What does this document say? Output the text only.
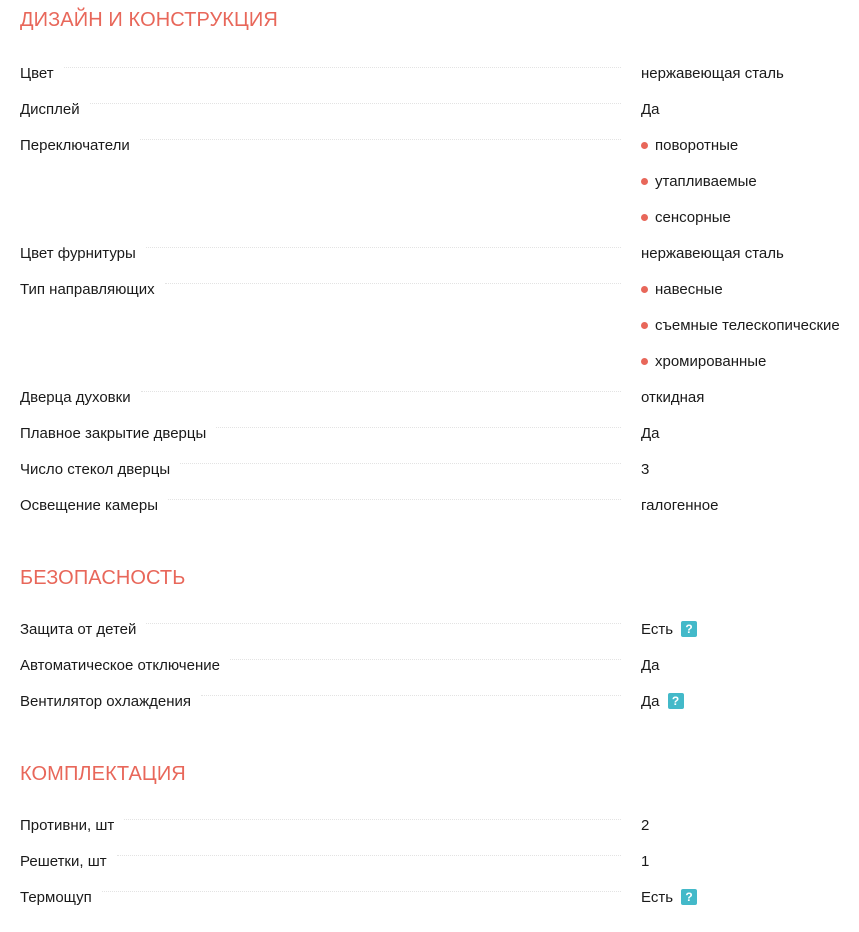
ДИЗАЙН И КОНСТРУКЦИЯ
Цвет	нержавеющая сталь
Дисплей	Да
Переключатели	поворотные
утапливаемые
сенсорные
Цвет фурнитуры	нержавеющая сталь
Тип направляющих	навесные
съемные телескопические
хромированные
Дверца духовки	откидная
Плавное закрытие дверцы	Да
Число стекол дверцы	3
Освещение камеры	галогенное
БЕЗОПАСНОСТЬ
Защита от детей	Есть ?
Автоматическое отключение	Да
Вентилятор охлаждения	Да ?
КОМПЛЕКТАЦИЯ
Противни, шт	2
Решетки, шт	1
Термощуп	Есть ?
